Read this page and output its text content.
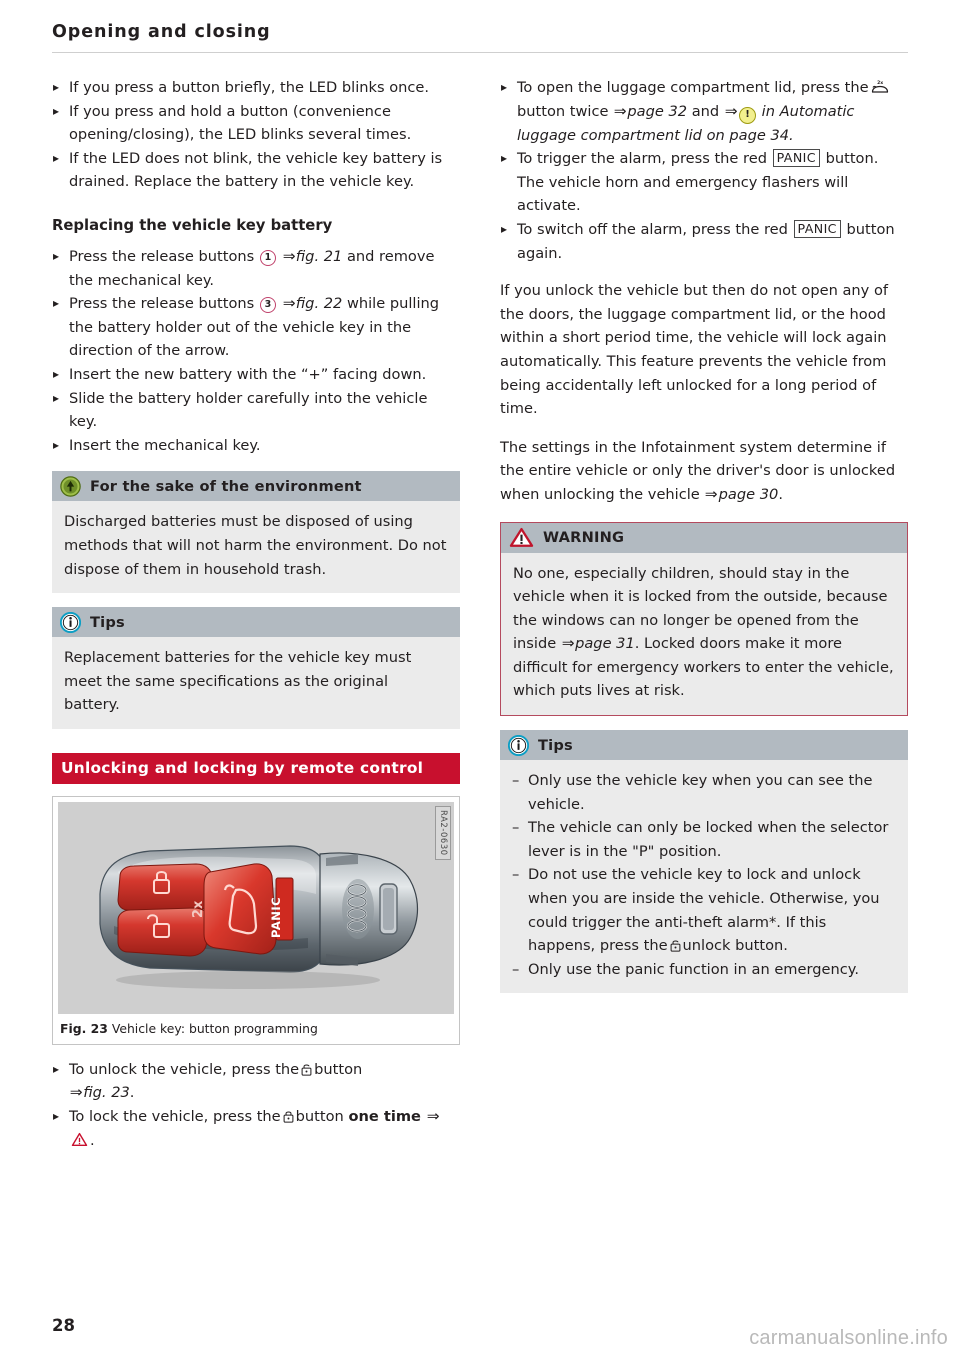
Opening and closing
▸ If you press a button briefly, the LED blinks once.
▸ If you press and hold a button (convenience opening/closing), the LED blinks several times.
▸ If the LED does not blink, the vehicle key battery is drained. Replace the battery in the vehicle key.
Replacing the vehicle key battery
▸ Press the release buttons 1 ⇒fig. 21 and remove the mechanical key.
▸ Press the release buttons 3 ⇒fig. 22 while pulling the battery holder out of the vehicle key in the direction of the arrow.
▸ Insert the new battery with the “+” facing down.
▸ Slide the battery holder carefully into the vehicle key.
▸ Insert the mechanical key.
For the sake of the environment

Discharged batteries must be disposed of using methods that will not harm the environment. Do not dispose of them in household trash.

Tips

Replacement batteries for the vehicle key must meet the same specifications as the original battery.

Unlocking and locking by remote control
2x	PANIC
RA2-0630
Fig. 23 Vehicle key: button programming
▸ To unlock the vehicle, press the button
⇒fig. 23.
▸ To lock the vehicle, press the button one time ⇒.
▸ To open the luggage compartment lid, press the 2x
button twice ⇒page 32 and ⇒ ! in Automatic luggage compartment lid on page 34.
▸ To trigger the alarm, press the red PANIC button. The vehicle horn and emergency flashers will activate.
▸ To switch off the alarm, press the red PANIC button again.

If you unlock the vehicle but then do not open any of the doors, the luggage compartment lid, or the hood within a short period time, the vehicle will lock again automatically. This feature prevents the vehicle from being accidentally left unlocked for a long period of time.

The settings in the Infotainment system determine if the entire vehicle or only the driver's door is unlocked when unlocking the vehicle ⇒page 30.

WARNING

No one, especially children, should stay in the vehicle when it is locked from the outside, because the windows can no longer be opened from the inside ⇒page 31. Locked doors make it more difficult for emergency workers to enter the vehicle, which puts lives at risk.

Tips
– Only use the vehicle key when you can see the vehicle.
– The vehicle can only be locked when the selector lever is in the "P" position.
– Do not use the vehicle key to lock and unlock when you are inside the vehicle. Otherwise, you could trigger the anti-theft alarm*. If this happens, press the unlock button.
– Only use the panic function in an emergency.
28
carmanualsonline.info
